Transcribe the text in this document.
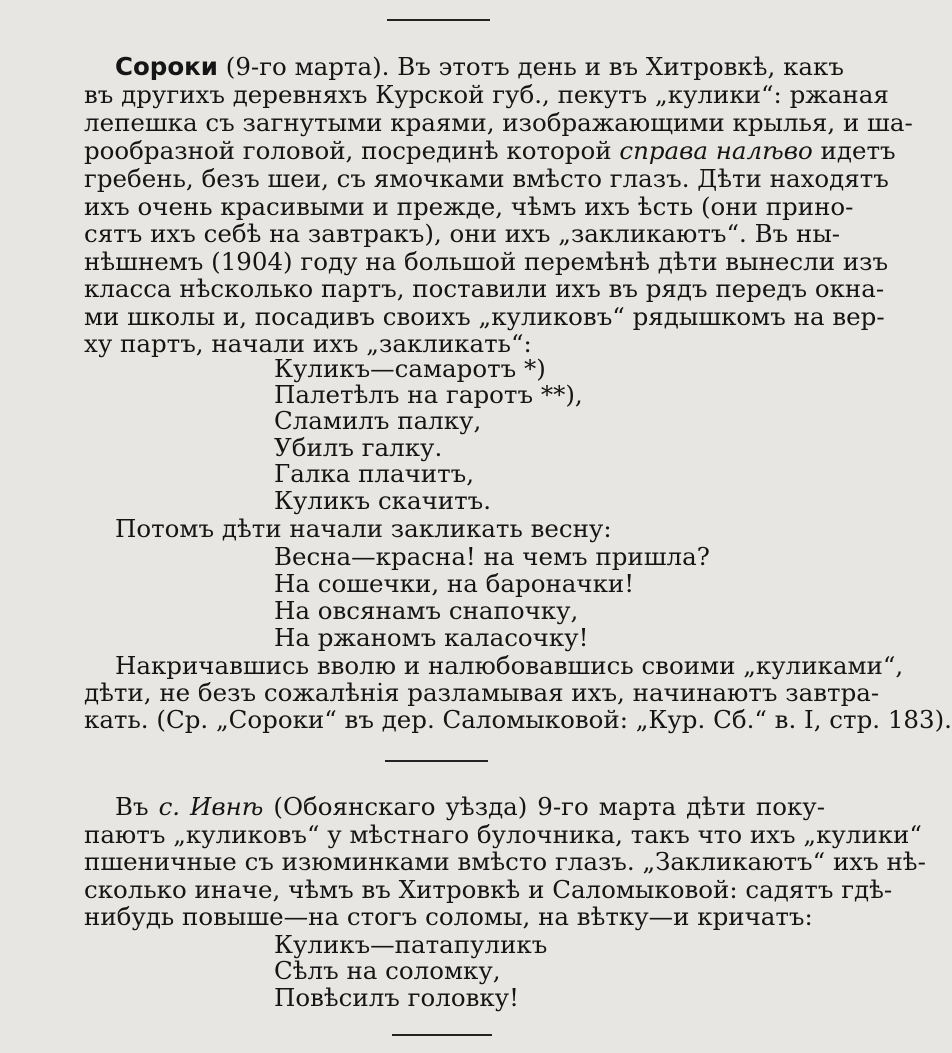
Сороки (9-го марта). Въ этотъ день и въ Хитровкѣ, какъ
въ другихъ деревняхъ Курской губ., пекутъ „кулики“: ржаная
лепешка съ загнутыми краями, изображающими крылья, и ша-
рообразной головой, посрединѣ которой справа налѣво идетъ
гребень, безъ шеи, съ ямочками вмѣсто глазъ. Дѣти находятъ
ихъ очень красивыми и прежде, чѣмъ ихъ ѣсть (они прино-
сятъ ихъ себѣ на завтракъ), они ихъ „закликаютъ“. Въ ны-
нѣшнемъ (1904) году на большой перемѣнѣ дѣти вынесли изъ
класса нѣсколько партъ, поставили ихъ въ рядъ передъ окна-
ми школы и, посадивъ своихъ „куликовъ“ рядышкомъ на вер-
ху партъ, начали ихъ „закликать“:
Куликъ—самаротъ *)
Палетѣлъ на гаротъ **),
Сламилъ палку,
Убилъ галку.
Галка плачитъ,
Куликъ скачитъ.
Потомъ дѣти начали закликать весну:
Весна—красна! на чемъ пришла?
На сошечки, на бароначки!
На овсянамъ снапочку,
На ржаномъ каласочку!
Накричавшись вволю и налюбовавшись своими „куликами“,
дѣти, не безъ сожалѣнія разламывая ихъ, начинаютъ завтра-
кать. (Ср. „Сороки“ въ дер. Саломыковой: „Кур. Сб.“ в. I, стр. 183).
Въ с. Ивнѣ (Обоянскаго уѣзда) 9-го марта дѣти поку-
паютъ „куликовъ“ у мѣстнаго булочника, такъ что ихъ „кулики“
пшеничные съ изюминками вмѣсто глазъ. „Закликаютъ“ ихъ нѣ-
сколько иначе, чѣмъ въ Хитровкѣ и Саломыковой: садятъ гдѣ-
нибудь повыше—на стогъ соломы, на вѣтку—и кричатъ:
Куликъ—патапуликъ
Сѣлъ на соломку,
Повѣсилъ головку!
